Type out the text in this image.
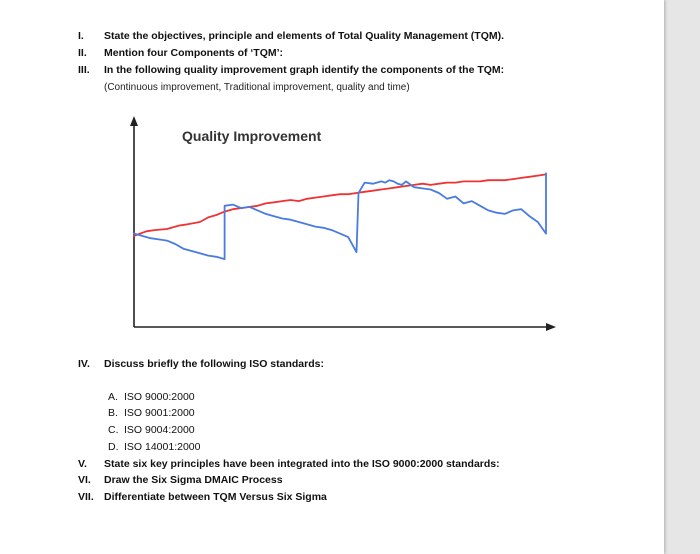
I. State the objectives, principle and elements of Total Quality Management (TQM).

II. Mention four Components of ‘TQM’:

III. In the following quality improvement graph identify the components of the TQM:

(Continuous improvement, Traditional improvement, quality and time)

Quality Improvement

IV. Discuss briefly the following ISO standards:

A. ISO 9000:2000

B. ISO 9001:2000

C. ISO 9004:2000

D. ISO 14001:2000

V. State six key principles have been integrated into the ISO 9000:2000 standards:

VI. Draw the Six Sigma DMAIC Process

VII. Differentiate between TQM Versus Six Sigma
